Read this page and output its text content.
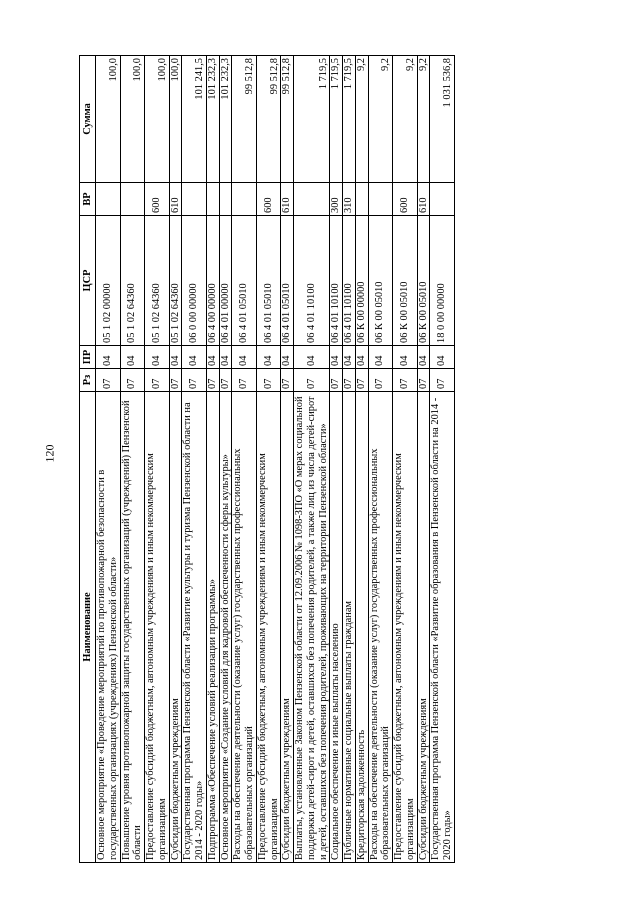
120
Наименование	Рз	ПР	ЦСР	ВР	Сумма
Основное мероприятие «Проведение мероприятий по противопожарной безопасности в государственных организациях (учреждениях) Пензенской области»	07	04	05 1 02 00000		100,0
Повышение уровня противопожарной защиты государственных организаций (учреждений) Пензенской области	07	04	05 1 02 64360		100,0
Предоставление субсидий бюджетным, автономным учреждениям и иным некоммерческим организациям	07	04	05 1 02 64360	600	100,0
Субсидии бюджетным учреждениям	07	04	05 1 02 64360	610	100,0
Государственная программа Пензенской области «Развитие культуры и туризма Пензенской области на 2014 - 2020 годы»	07	04	06 0 00 00000		101 241,5
Подпрограмма «Обеспечение условий реализации программы»	07	04	06 4 00 00000		101 232,3
Основное мероприятие «Создание условий для кадровой обеспеченности сферы культуры»	07	04	06 4 01 00000		101 232,3
Расходы на обеспечение деятельности (оказание услуг) государственных профессиональных образовательных организаций	07	04	06 4 01 05010		99 512,8
Предоставление субсидий бюджетным, автономным учреждениям и иным некоммерческим организациям	07	04	06 4 01 05010	600	99 512,8
Субсидии бюджетным учреждениям	07	04	06 4 01 05010	610	99 512,8
Выплаты, установленные Законом Пензенской области от 12.09.2006 № 1098-ЗПО «О мерах социальной поддержки детей-сирот и детей, оставшихся без попечения родителей, а также лиц из числа детей-сирот и детей, оставшихся без попечения родителей, проживающих на территории Пензенской области»	07	04	06 4 01 10100		1 719,5
Социальное обеспечение и иные выплаты населению	07	04	06 4 01 10100	300	1 719,5
Публичные нормативные социальные выплаты гражданам	07	04	06 4 01 10100	310	1 719,5
Кредиторская задолженность	07	04	06 К 00 00000		9,2
Расходы на обеспечение деятельности (оказание услуг) государственных профессиональных образовательных организаций	07	04	06 К 00 05010		9,2
Предоставление субсидий бюджетным, автономным учреждениям и иным некоммерческим организациям	07	04	06 К 00 05010	600	9,2
Субсидии бюджетным учреждениям	07	04	06 К 00 05010	610	9,2
Государственная программа Пензенской области «Развитие образования в Пензенской области на 2014 - 2020 годы»	07	04	18 0 00 00000		1 031 536,8
